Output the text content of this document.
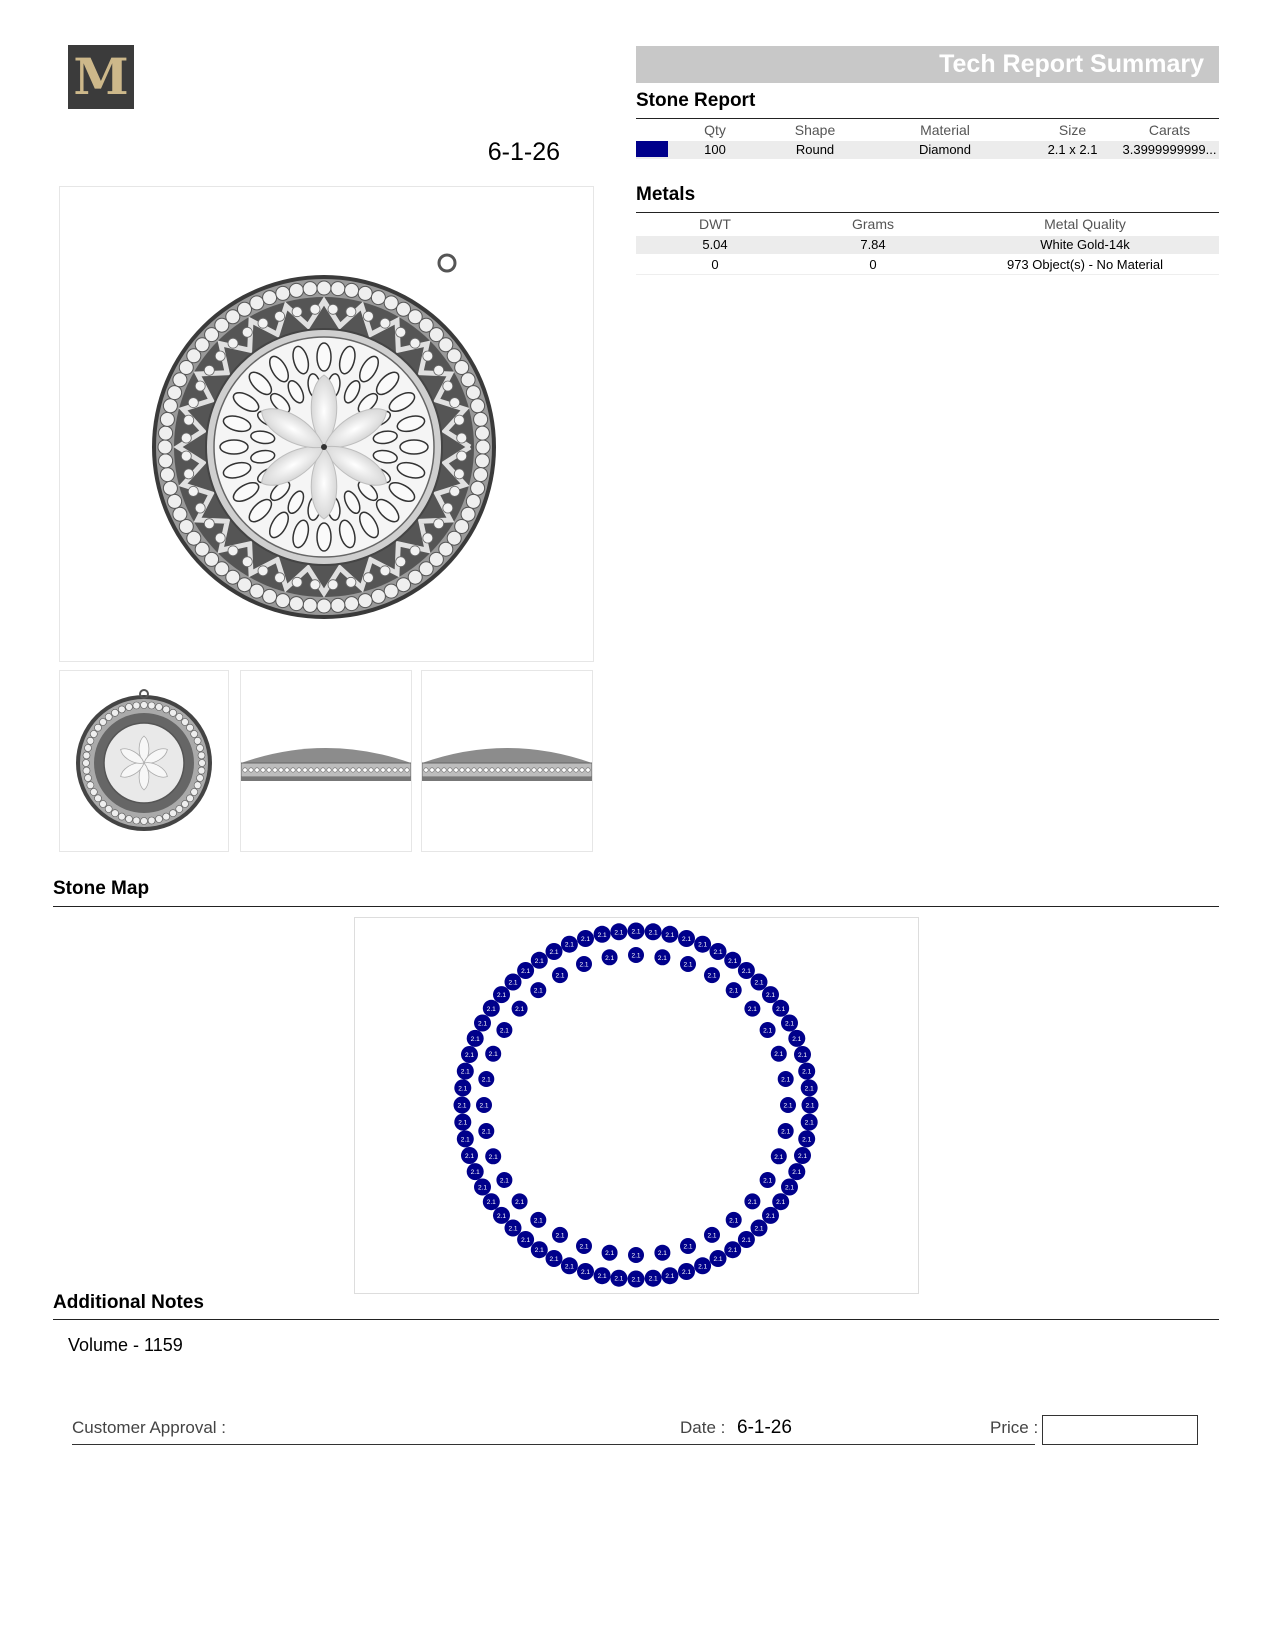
M
6-1-26
Tech Report Summary
Stone Report
Qty	Shape	Material	Size	Carats
100	Round	Diamond	2.1 x 2.1	3.3999999999...
Metals
DWT	Grams	Metal Quality
5.04	7.84	White Gold-14k
0	0	973 Object(s) - No Material
Stone Map
2.1 2.1 2.1
2.1
2.1
2.1
2.1
2.1
2.1
2.1
2.1
2.1
2.1
2.1
2.1
2.1
2.1
2.1
2.1
2.1
2.1
2.1
2.1
2.1
2.1
2.1
2.1
2.1
2.1
2.1
2.1
2.1
2.1
2.1
2.1
2.1
2.1
2.1
2.1
2.1
2.1
2.1
2.1
2.1
2.1
2.1
2.1
2.1
2.1
2.1
2.1
2.1
2.1
2.1
2.1
2.1
2.1
2.1
2.1
2.1
2.1
2.1
2.1 2.1
2.1	2.1
2.1
2.1
2.1
2.1
2.1
2.1
2.1
2.1
2.1
2.1
2.1
2.1
2.1
2.1
2.1
2.1
2.1
2.1
2.1
2.1
2.1
2.1
2.1
2.1
2.1
2.1
2.1
2.1
2.1
2.1
2.1
2.1
2.1
2.1
Additional Notes
Volume - 1159
Customer Approval :	Date : 6-1-26	Price :
